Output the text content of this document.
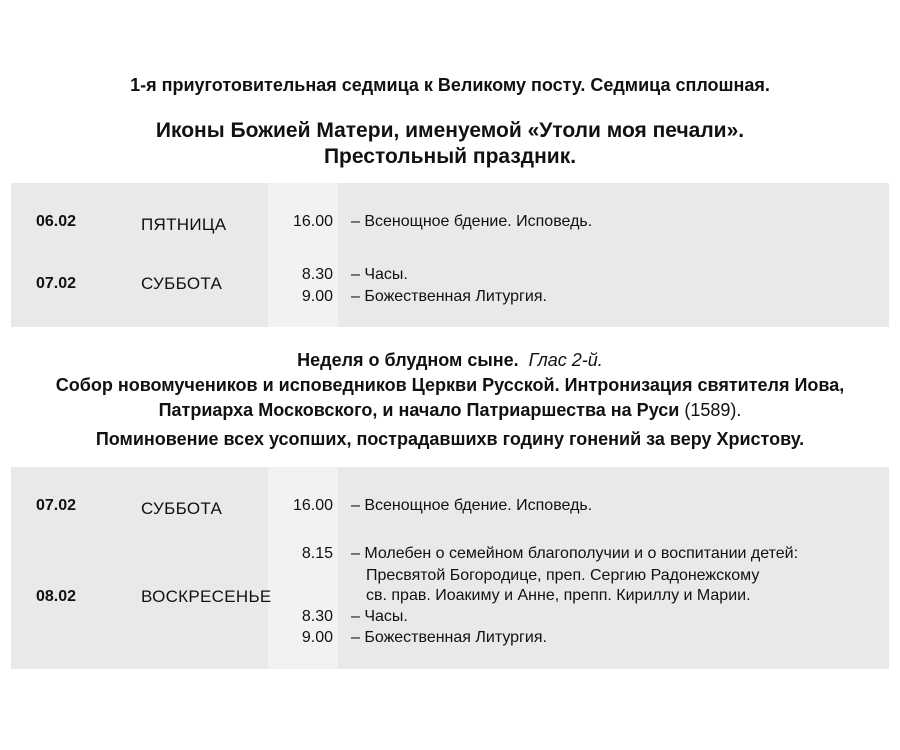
1-я приуготовительная седмица к Великому посту. Седмица сплошная.
Иконы Божией Матери, именуемой «Утоли моя печали».
Престольный праздник.
06.02	ПЯТНИЦА	16.00 – Всенощное бдение. Исповедь.
07.02	СУББОТА	8.30 – Часы.
9.00 – Божественная Литургия.
Неделя о блудном сыне. Глас 2-й.
Собор новомучеников и исповедников Церкви Русской. Интронизация святителя Иова,
Патриарха Московского, и начало Патриаршества на Руси (1589).
Поминовение всех усопших, пострадавшихв годину гонений за веру Христову.
07.02	СУББОТА	16.00 – Всенощное бдение. Исповедь.
08.02	ВОСКРЕСЕНЬЕ
8.15 – Молебен о семейном благополучии и о воспитании детей:
Пресвятой Богородице, преп. Сергию Радонежскому
св. прав. Иоакиму и Анне, препп. Кириллу и Марии.
8.30 – Часы.
9.00 – Божественная Литургия.
